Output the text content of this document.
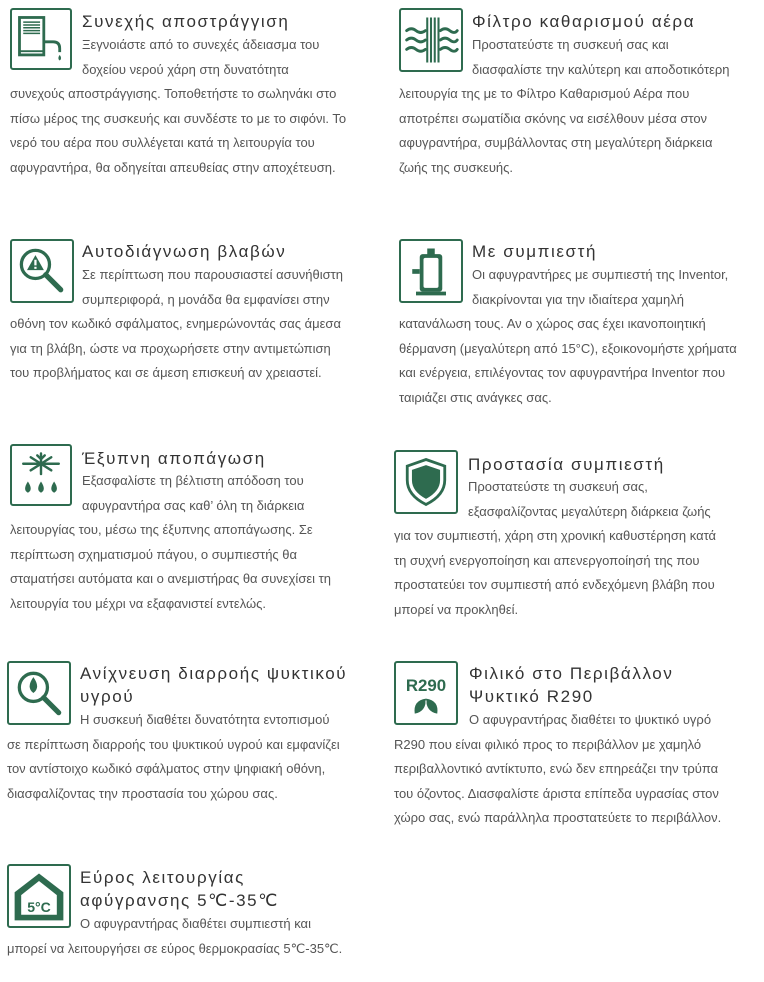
Συνεχής αποστράγγιση
Ξεγνοιάστε από το συνεχές άδειασμα του
δοχείου νερού χάρη στη δυνατότητα
συνεχούς αποστράγγισης. Τοποθετήστε το σωληνάκι στο
πίσω μέρος της συσκευής και συνδέστε το με το σιφόνι. Το
νερό του αέρα που συλλέγεται κατά τη λειτουργία του
αφυγραντήρα, θα οδηγείται απευθείας στην αποχέτευση.
Φίλτρο καθαρισμού αέρα
Προστατεύστε τη συσκευή σας και
διασφαλίστε την καλύτερη και αποδοτικότερη
λειτουργία της με το Φίλτρο Καθαρισμού Αέρα που
αποτρέπει σωματίδια σκόνης να εισέλθουν μέσα στον
αφυγραντήρα, συμβάλλοντας στη μεγαλύτερη διάρκεια
ζωής της συσκευής.
Αυτοδιάγνωση βλαβών
Σε περίπτωση που παρουσιαστεί ασυνήθιστη
συμπεριφορά, η μονάδα θα εμφανίσει στην
οθόνη τον κωδικό σφάλματος, ενημερώνοντάς σας άμεσα
για τη βλάβη, ώστε να προχωρήσετε στην αντιμετώπιση
του προβλήματος και σε άμεση επισκευή αν χρειαστεί.
Με συμπιεστή
Οι αφυγραντήρες με συμπιεστή της Inventor,
διακρίνονται για την ιδιαίτερα χαμηλή
κατανάλωση τους. Αν ο χώρος σας έχει ικανοποιητική
θέρμανση (μεγαλύτερη από 15°C), εξοικονομήστε χρήματα
και ενέργεια, επιλέγοντας τον αφυγραντήρα Inventor που
ταιριάζει στις ανάγκες σας.
Έξυπνη αποπάγωση
Εξασφαλίστε τη βέλτιστη απόδοση του
αφυγραντήρα σας καθ’ όλη τη διάρκεια
λειτουργίας του, μέσω της έξυπνης αποπάγωσης. Σε
περίπτωση σχηματισμού πάγου, ο συμπιεστής θα
σταματήσει αυτόματα και ο ανεμιστήρας θα συνεχίσει τη
λειτουργία του μέχρι να εξαφανιστεί εντελώς.
Προστασία συμπιεστή
Προστατεύστε τη συσκευή σας,
εξασφαλίζοντας μεγαλύτερη διάρκεια ζωής
για τον συμπιεστή, χάρη στη χρονική καθυστέρηση κατά
τη συχνή ενεργοποίηση και απενεργοποίησή της που
προστατεύει τον συμπιεστή από ενδεχόμενη βλάβη που
μπορεί να προκληθεί.
Ανίχνευση διαρροής ψυκτικού
υγρού
Η συσκευή διαθέτει δυνατότητα εντοπισμού
σε περίπτωση διαρροής του ψυκτικού υγρού και εμφανίζει
τον αντίστοιχο κωδικό σφάλματος στην ψηφιακή οθόνη,
διασφαλίζοντας την προστασία του χώρου σας.
R290
Φιλικό στο Περιβάλλον
Ψυκτικό R290
Ο αφυγραντήρας διαθέτει το ψυκτικό υγρό
R290 που είναι φιλικό προς το περιβάλλον με χαμηλό
περιβαλλοντικό αντίκτυπο, ενώ δεν επηρεάζει την τρύπα
του όζοντος. Διασφαλίστε άριστα επίπεδα υγρασίας στον
χώρο σας, ενώ παράλληλα προστατεύετε το περιβάλλον.
5°C
Εύρος λειτουργίας
αφύγρανσης 5℃-35℃
Ο αφυγραντήρας διαθέτει συμπιεστή και
μπορεί να λειτουργήσει σε εύρος θερμοκρασίας 5℃-35℃.
